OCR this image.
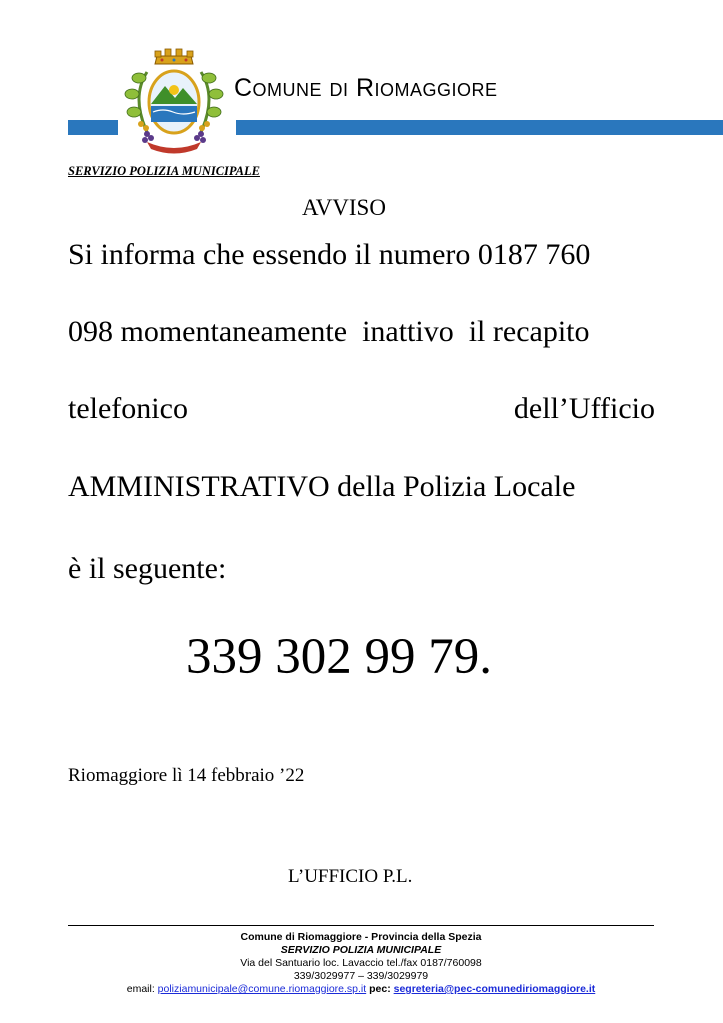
Comune di Riomaggiore

SERVIZIO POLIZIA MUNICIPALE

AVVISO

Si informa che essendo il numero 0187 760

098 momentaneamente  inattivo  il recapito

telefonico	dell’Ufficio

AMMINISTRATIVO della Polizia Locale

è il seguente:

339 302 99 79.

Riomaggiore lì 14 febbraio ’22

L’UFFICIO P.L.

Comune di Riomaggiore - Provincia della Spezia
SERVIZIO POLIZIA MUNICIPALE
Via del Santuario loc. Lavaccio tel./fax 0187/760098
339/3029977 – 339/3029979
email: poliziamunicipale@comune.riomaggiore.sp.it pec: segreteria@pec-comunediriomaggiore.it
